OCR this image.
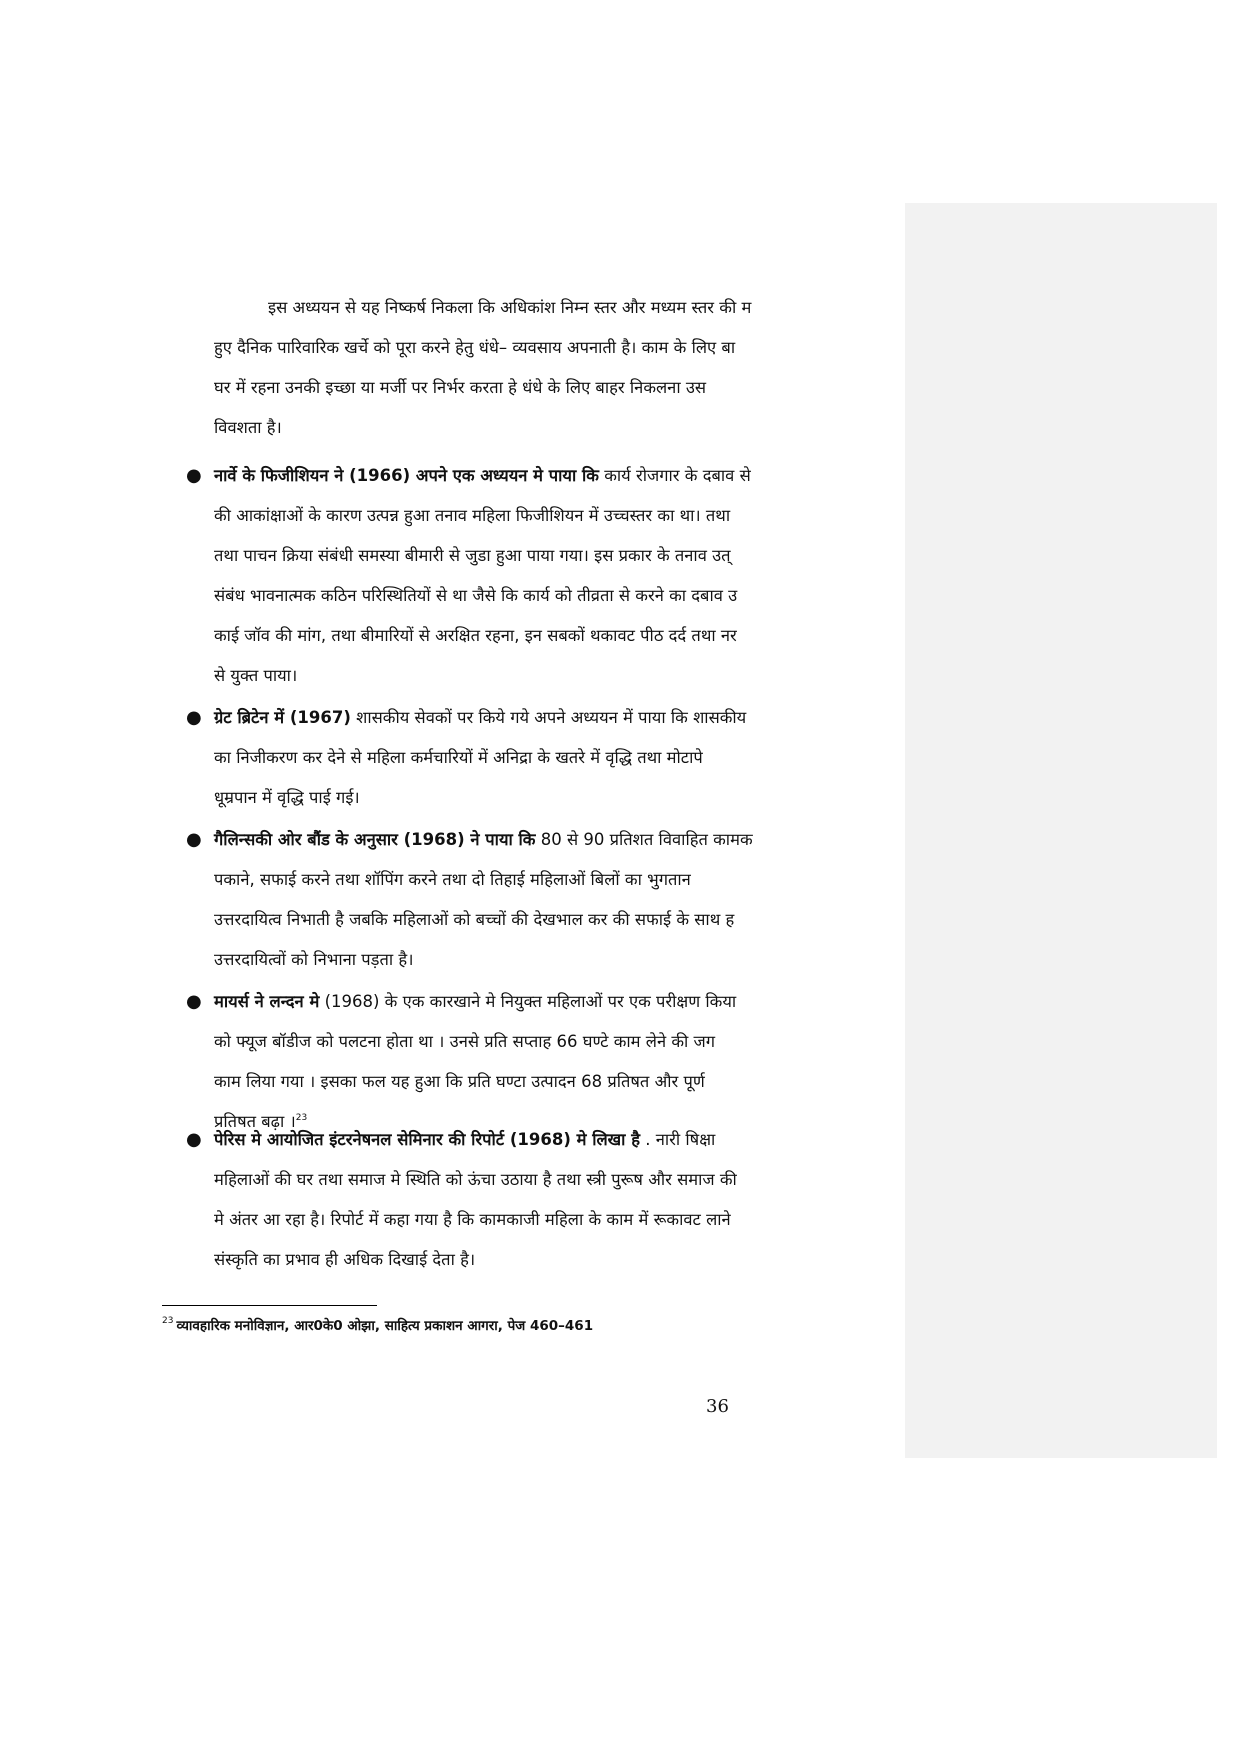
इस अध्ययन से यह निष्कर्ष निकला कि अधिकांश निम्न स्तर और मध्यम स्तर की म
हुए दैनिक पारिवारिक खर्चे को पूरा करने हेतु धंधे– व्यवसाय अपनाती है। काम के लिए बा
घर में रहना उनकी इच्छा या मर्जी पर निर्भर करता हे धंधे के लिए बाहर निकलना उस
विवशता है।
● नार्वे के फिजीशियन ने (1966) अपने एक अध्ययन मे पाया कि कार्य रोजगार के दबाव से
की आकांक्षाओं के कारण उत्पन्न हुआ तनाव महिला फिजीशियन में उच्चस्तर का था। तथा
तथा पाचन क्रिया संबंधी समस्या बीमारी से जुडा हुआ पाया गया। इस प्रकार के तनाव उत्
संबंध भावनात्मक कठिन परिस्थितियों से था जैसे कि कार्य को तीव्रता से करने का दबाव उ
काई जॉव की मांग, तथा बीमारियों से अरक्षित रहना, इन सबकों थकावट पीठ दर्द तथा नर
से युक्त पाया।
● ग्रेट ब्रिटेन में (1967) शासकीय सेवकों पर किये गये अपने अध्ययन में पाया कि शासकीय
का निजीकरण कर देने से महिला कर्मचारियों में अनिद्रा के खतरे में वृद्धि तथा मोटापे
धूम्रपान में वृद्धि पाई गई।
● गैलिन्सकी ओर बौंड के अनुसार (1968) ने पाया कि 80 से 90 प्रतिशत विवाहित कामक
पकाने, सफाई करने तथा शॉपिंग करने तथा दो तिहाई महिलाओं बिलों का भुगतान
उत्तरदायित्व निभाती है जबकि महिलाओं को बच्चों की देखभाल कर की सफाई के साथ ह
उत्तरदायित्वों को निभाना पड़ता है।
● मायर्स ने लन्दन मे (1968) के एक कारखाने मे नियुक्त महिलाओं पर एक परीक्षण किया
को फ्यूज बॉडीज को पलटना होता था । उनसे प्रति सप्ताह 66 घण्टे काम लेने की जग
काम लिया गया । इसका फल यह हुआ कि प्रति घण्टा उत्पादन 68 प्रतिषत और पूर्ण
प्रतिषत बढ़ा ।$^{23}$
● पेरिस मे आयोजित इंटरनेषनल सेमिनार की रिपोर्ट (1968) मे लिखा है . नारी षिक्षा
महिलाओं की घर तथा समाज मे स्थिति को ऊंचा उठाया है तथा स्त्री पुरूष और समाज की
मे अंतर आ रहा है। रिपोर्ट में कहा गया है कि कामकाजी महिला के काम में रूकावट लाने
संस्कृति का प्रभाव ही अधिक दिखाई देता है।
$^{23}$ व्यावहारिक मनोविज्ञान, आर0के0 ओझा, साहित्य प्रकाशन आगरा, पेज 460–461
36
